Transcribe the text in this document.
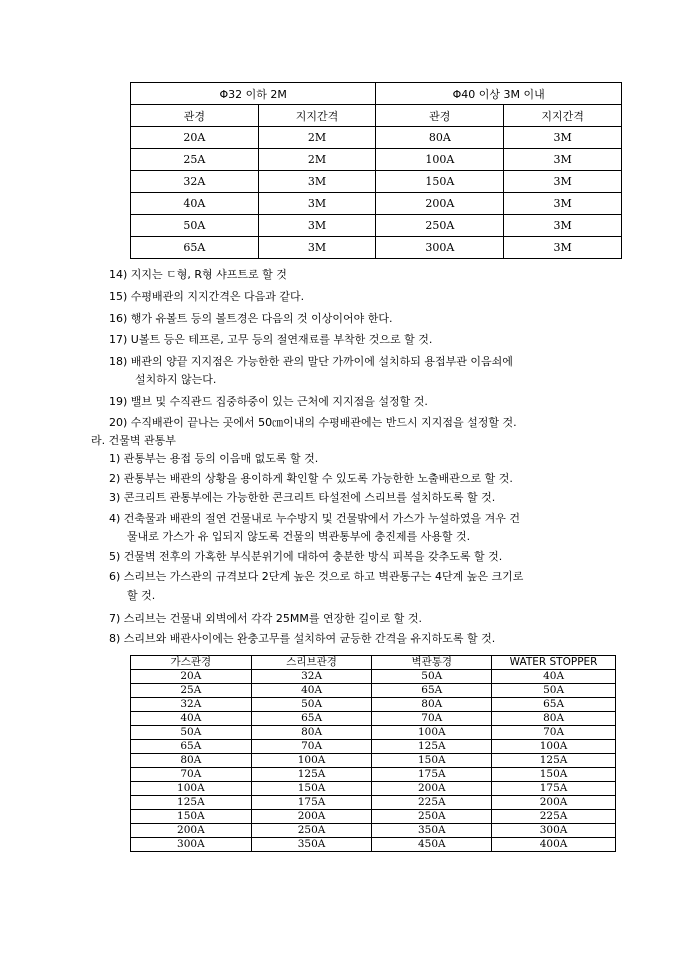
Φ32 이하 2M		Φ40 이상 3M 이내	
관경	지지간격	관경	지지간격
20A	2M	80A	3M
25A	2M	100A	3M
32A	3M	150A	3M
40A	3M	200A	3M
50A	3M	250A	3M
65A	3M	300A	3M
14) 지지는 ㄷ형, R형 샤프트로 할 것
15) 수평배관의 지지간격은 다음과 같다.
16) 행가 유볼트 등의 볼트경은 다음의 것 이상이어야 한다.
17) U볼트 등은 테프론, 고무 등의 절연재료를 부착한 것으로 할 것.
18) 배관의 양끝 지지점은 가능한한 관의 말단 가까이에 설치하되 용접부관 이음쇠에
설치하지 않는다.
19) 밸브 및 수직관드 집중하중이 있는 근처에 지지점을 설정할 것.
20) 수직배관이 끝나는 곳에서 50㎝이내의 수평배관에는 반드시 지지점을 설정할 것.
라. 건물벽 관통부
1) 관통부는 용접 등의 이음매 없도록 할 것.
2) 관통부는 배관의 상황을 용이하게 확인할 수 있도록 가능한한 노출배관으로 할 것.
3) 콘크리트 관통부에는 가능한한 콘크리트 타설전에 스리브를 설치하도록 할 것.
4) 건축물과 배관의 절연 건물내로 누수방지 및 건물밖에서 가스가 누설하였을 겨우 건
물내로 가스가 유 입되지 않도록 건물의 벽관통부에 충진제를 사용할 것.
5) 건물벽 전후의 가혹한 부식분위기에 대하여 충분한 방식 피복을 갖추도록 할 것.
6) 스리브는 가스관의 규격보다 2단계 높은 것으로 하고 벽관통구는 4단계 높은 크기로
할 것.
7) 스리브는 건물내 외벽에서 각각 25MM를 연장한 길이로 할 것.
8) 스리브와 배관사이에는 완충고무를 설치하여 균등한 간격을 유지하도록 할 것.
가스관경	스리브관경	벽관통경	WATER STOPPER
20A	32A	50A	40A
25A	40A	65A	50A
32A	50A	80A	65A
40A	65A	70A	80A
50A	80A	100A	70A
65A	70A	125A	100A
80A	100A	150A	125A
70A	125A	175A	150A
100A	150A	200A	175A
125A	175A	225A	200A
150A	200A	250A	225A
200A	250A	350A	300A
300A	350A	450A	400A
